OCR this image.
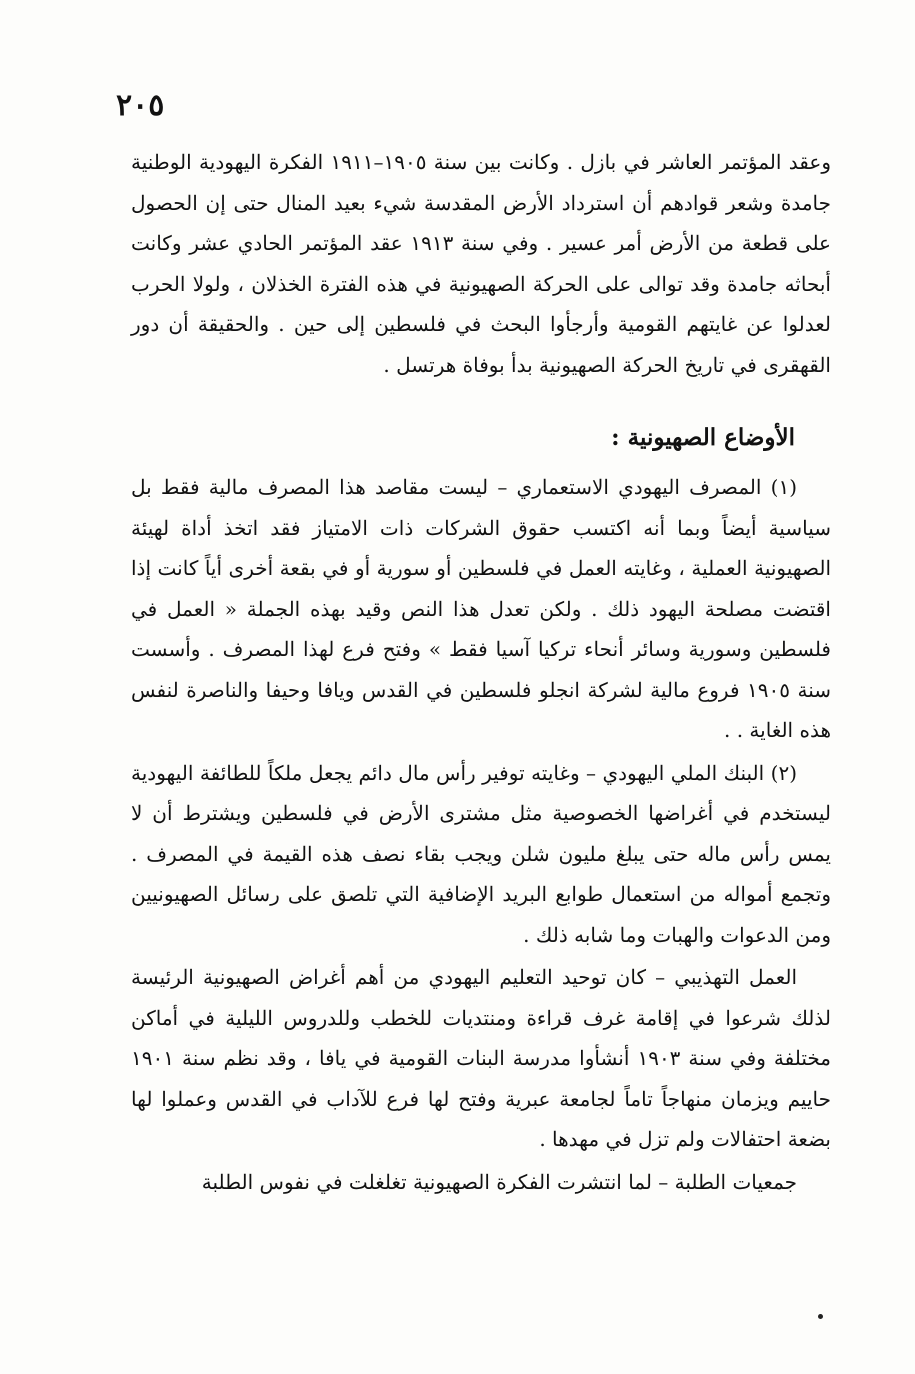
٢٠٥

وعقد المؤتمر العاشر في بازل . وكانت بين سنة ١٩٠٥–١٩١١ الفكرة اليهودية الوطنية جامدة وشعر قوادهم أن استرداد الأرض المقدسة شيء بعيد المنال حتى إن الحصول على قطعة من الأرض أمر عسير . وفي سنة ١٩١٣ عقد المؤتمر الحادي عشر وكانت أبحاثه جامدة وقد توالى على الحركة الصهيونية في هذه الفترة الخذلان ، ولولا الحرب لعدلوا عن غايتهم القومية وأرجأوا البحث في فلسطين إلى حين . والحقيقة أن دور القهقرى في تاريخ الحركة الصهيونية بدأ بوفاة هرتسل .

الأوضاع الصهيونية :

(١) المصرف اليهودي الاستعماري – ليست مقاصد هذا المصرف مالية فقط بل سياسية أيضاً وبما أنه اكتسب حقوق الشركات ذات الامتياز فقد اتخذ أداة لهيئة الصهيونية العملية ، وغايته العمل في فلسطين أو سورية أو في بقعة أخرى أياً كانت إذا اقتضت مصلحة اليهود ذلك . ولكن تعدل هذا النص وقيد بهذه الجملة « العمل في فلسطين وسورية وسائر أنحاء تركيا آسيا فقط » وفتح فرع لهذا المصرف . وأسست سنة ١٩٠٥ فروع مالية لشركة انجلو فلسطين في القدس ويافا وحيفا والناصرة لنفس هذه الغاية . .

(٢) البنك الملي اليهودي – وغايته توفير رأس مال دائم يجعل ملكاً للطائفة اليهودية ليستخدم في أغراضها الخصوصية مثل مشترى الأرض في فلسطين ويشترط أن لا يمس رأس ماله حتى يبلغ مليون شلن ويجب بقاء نصف هذه القيمة في المصرف . وتجمع أمواله من استعمال طوابع البريد الإضافية التي تلصق على رسائل الصهيونيين ومن الدعوات والهبات وما شابه ذلك .

العمل التهذيبي – كان توحيد التعليم اليهودي من أهم أغراض الصهيونية الرئيسة لذلك شرعوا في إقامة غرف قراءة ومنتديات للخطب وللدروس الليلية في أماكن مختلفة وفي سنة ١٩٠٣ أنشأوا مدرسة البنات القومية في يافا ، وقد نظم سنة ١٩٠١ حاييم ويزمان منهاجاً تاماً لجامعة عبرية وفتح لها فرع للآداب في القدس وعملوا لها بضعة احتفالات ولم تزل في مهدها .

جمعيات الطلبة – لما انتشرت الفكرة الصهيونية تغلغلت في نفوس الطلبة
